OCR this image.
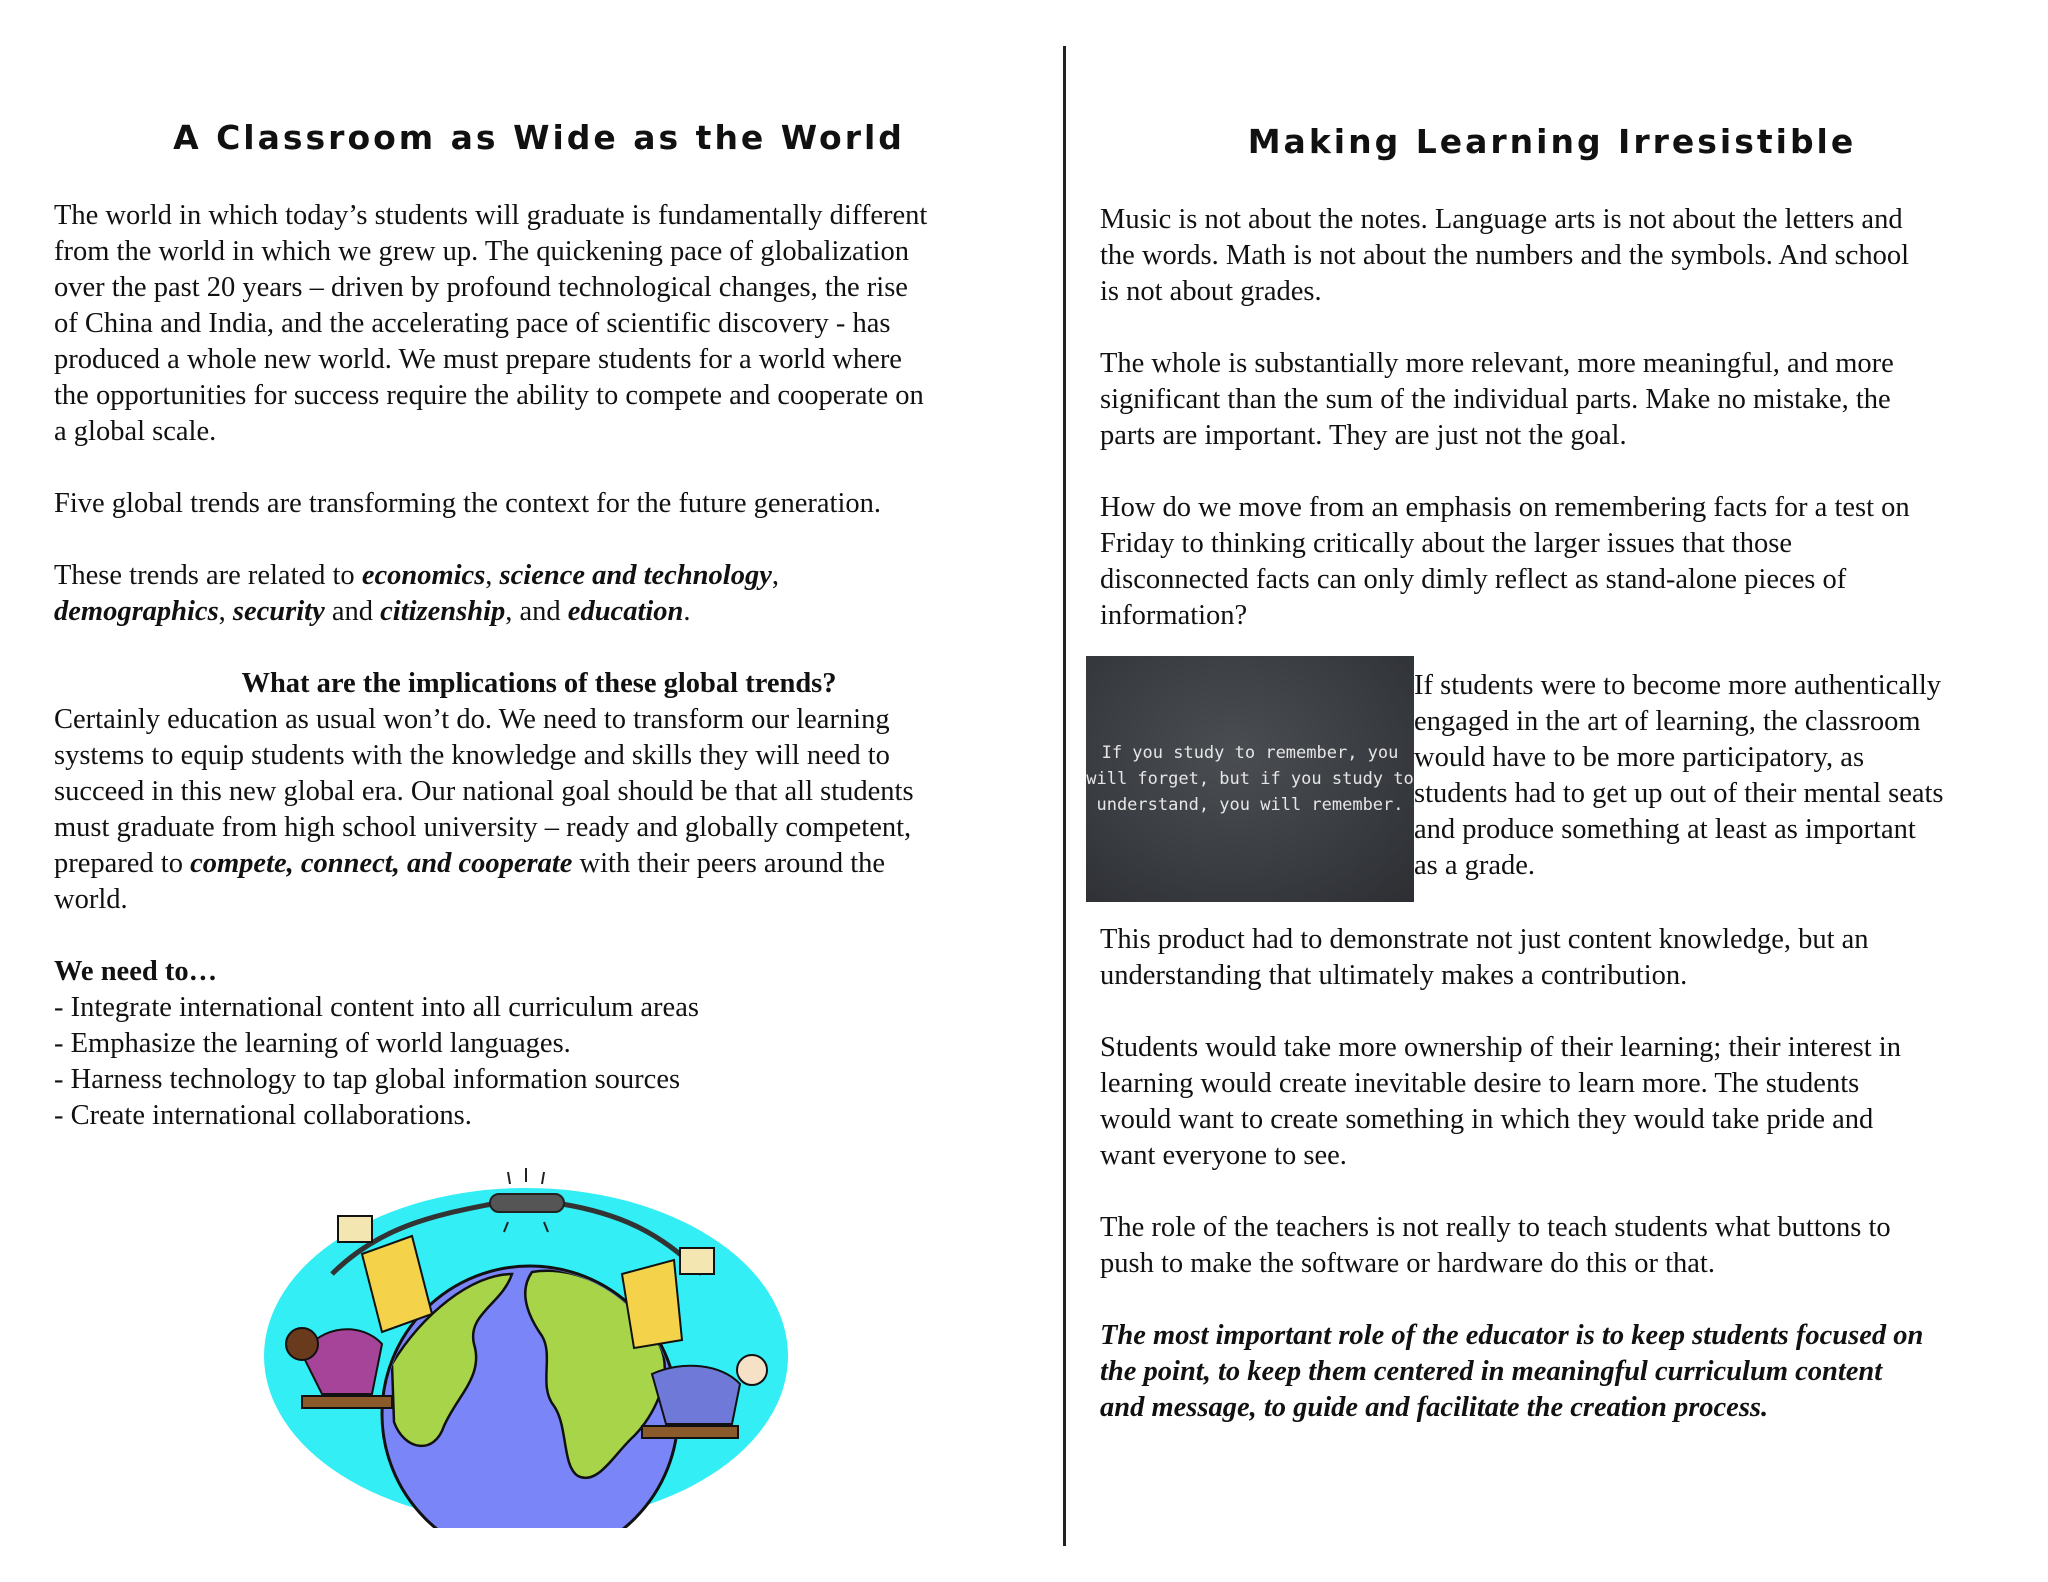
A Classroom as Wide as the World	Making Learning Irresistible
The world in which today’s students will graduate is fundamentally different
from the world in which we grew up. The quickening pace of globalization
over the past 20 years – driven by profound technological changes, the rise
of China and India, and the accelerating pace of scientific discovery - has
produced a whole new world. We must prepare students for a world where
the opportunities for success require the ability to compete and cooperate on
a global scale.
Five global trends are transforming the context for the future generation.
These trends are related to economics, science and technology,
demographics, security and citizenship, and education.
What are the implications of these global trends?
Certainly education as usual won’t do. We need to transform our learning
systems to equip students with the knowledge and skills they will need to
succeed in this new global era. Our national goal should be that all students
must graduate from high school university – ready and globally competent,
prepared to compete, connect, and cooperate with their peers around the
world.
We need to…
- Integrate international content into all curriculum areas
- Emphasize the learning of world languages.
- Harness technology to tap global information sources
- Create international collaborations.
Music is not about the notes. Language arts is not about the letters and
the words. Math is not about the numbers and the symbols. And school
is not about grades.
The whole is substantially more relevant, more meaningful, and more
significant than the sum of the individual parts. Make no mistake, the
parts are important. They are just not the goal.
How do we move from an emphasis on remembering facts for a test on
Friday to thinking critically about the larger issues that those
disconnected facts can only dimly reflect as stand-alone pieces of
information?
If you study to remember, you
will forget, but if you study to
understand, you will remember.
If students were to become more authentically
engaged in the art of learning, the classroom
would have to be more participatory, as
students had to get up out of their mental seats
and produce something at least as important
as a grade.
This product had to demonstrate not just content knowledge, but an
understanding that ultimately makes a contribution.
Students would take more ownership of their learning; their interest in
learning would create inevitable desire to learn more. The students
would want to create something in which they would take pride and
want everyone to see.
The role of the teachers is not really to teach students what buttons to
push to make the software or hardware do this or that.
The most important role of the educator is to keep students focused on
the point, to keep them centered in meaningful curriculum content
and message, to guide and facilitate the creation process.
